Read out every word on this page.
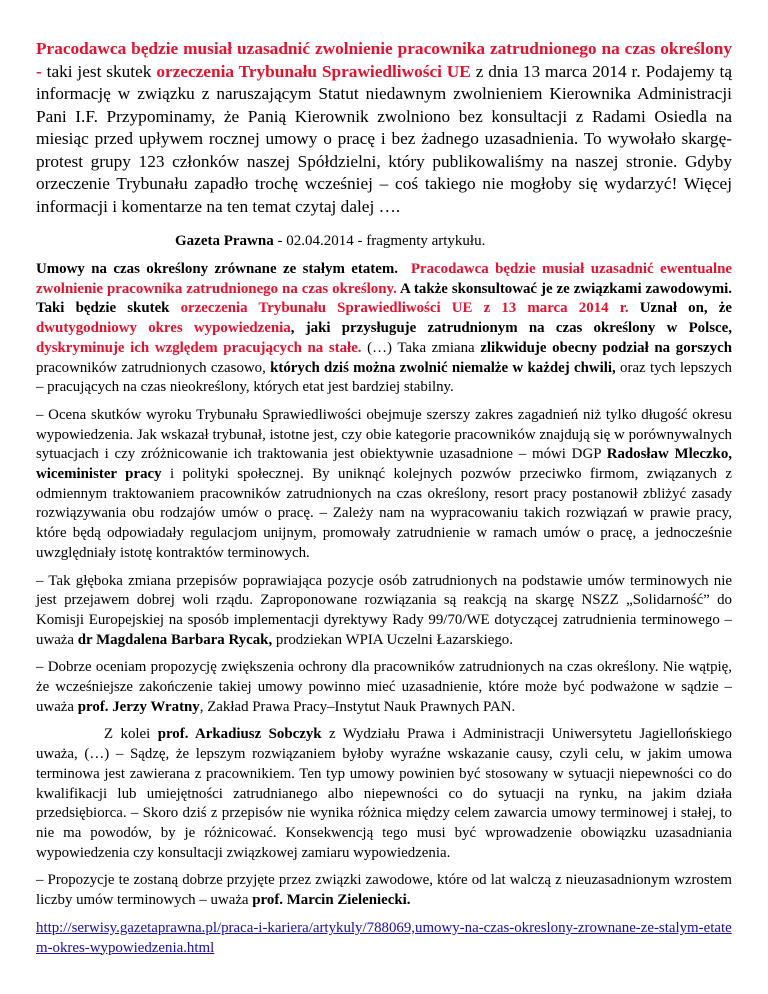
Pracodawca będzie musiał uzasadnić zwolnienie pracownika zatrudnionego na czas określony - taki jest skutek orzeczenia Trybunału Sprawiedliwości UE z dnia 13 marca 2014 r. Podajemy tą informację w związku z naruszającym Statut niedawnym zwolnieniem Kierownika Administracji Pani I.F. Przypominamy, że Panią Kierownik zwolniono bez konsultacji z Radami Osiedla na miesiąc przed upływem rocznej umowy o pracę i bez żadnego uzasadnienia. To wywołało skargę-protest grupy 123 członków naszej Spółdzielni, który publikowaliśmy na naszej stronie. Gdyby orzeczenie Trybunału zapadło trochę wcześniej – coś takiego nie mogłoby się wydarzyć! Więcej informacji i komentarze na ten temat czytaj dalej ….

Gazeta Prawna - 02.04.2014 - fragmenty artykułu.

Umowy na czas określony zrównane ze stałym etatem. Pracodawca będzie musiał uzasadnić ewentualne zwolnienie pracownika zatrudnionego na czas określony. A także skonsultować je ze związkami zawodowymi. Taki będzie skutek orzeczenia Trybunału Sprawiedliwości UE z 13 marca 2014 r. Uznał on, że dwutygodniowy okres wypowiedzenia, jaki przysługuje zatrudnionym na czas określony w Polsce, dyskryminuje ich względem pracujących na stałe. (…) Taka zmiana zlikwiduje obecny podział na gorszych pracowników zatrudnionych czasowo, których dziś można zwolnić niemalże w każdej chwili, oraz tych lepszych – pracujących na czas nieokreślony, których etat jest bardziej stabilny.

– Ocena skutków wyroku Trybunału Sprawiedliwości obejmuje szerszy zakres zagadnień niż tylko długość okresu wypowiedzenia. Jak wskazał trybunał, istotne jest, czy obie kategorie pracowników znajdują się w porównywalnych sytuacjach i czy zróżnicowanie ich traktowania jest obiektywnie uzasadnione – mówi DGP Radosław Mleczko, wiceminister pracy i polityki społecznej. By uniknąć kolejnych pozwów przeciwko firmom, związanych z odmiennym traktowaniem pracowników zatrudnionych na czas określony, resort pracy postanowił zbliżyć zasady rozwiązywania obu rodzajów umów o pracę. – Zależy nam na wypracowaniu takich rozwiązań w prawie pracy, które będą odpowiadały regulacjom unijnym, promowały zatrudnienie w ramach umów o pracę, a jednocześnie uwzględniały istotę kontraktów terminowych.

– Tak głęboka zmiana przepisów poprawiająca pozycje osób zatrudnionych na podstawie umów terminowych nie jest przejawem dobrej woli rządu. Zaproponowane rozwiązania są reakcją na skargę NSZZ „Solidarność” do Komisji Europejskiej na sposób implementacji dyrektywy Rady 99/70/WE dotyczącej zatrudnienia terminowego – uważa dr Magdalena Barbara Rycak, prodziekan WPIA Uczelni Łazarskiego.

– Dobrze oceniam propozycję zwiększenia ochrony dla pracowników zatrudnionych na czas określony. Nie wątpię, że wcześniejsze zakończenie takiej umowy powinno mieć uzasadnienie, które może być podważone w sądzie –uważa prof. Jerzy Wratny, Zakład Prawa Pracy–Instytut Nauk Prawnych PAN.

Z kolei prof. Arkadiusz Sobczyk z Wydziału Prawa i Administracji Uniwersytetu Jagiellońskiego uważa, (…) – Sądzę, że lepszym rozwiązaniem byłoby wyraźne wskazanie causy, czyli celu, w jakim umowa terminowa jest zawierana z pracownikiem. Ten typ umowy powinien być stosowany w sytuacji niepewności co do kwalifikacji lub umiejętności zatrudnianego albo niepewności co do sytuacji na rynku, na jakim działa przedsiębiorca. – Skoro dziś z przepisów nie wynika różnica między celem zawarcia umowy terminowej i stałej, to nie ma powodów, by je różnicować. Konsekwencją tego musi być wprowadzenie obowiązku uzasadniania wypowiedzenia czy konsultacji związkowej zamiaru wypowiedzenia.

– Propozycje te zostaną dobrze przyjęte przez związki zawodowe, które od lat walczą z nieuzasadnionym wzrostem liczby umów terminowych – uważa prof. Marcin Zieleniecki.

http://serwisy.gazetaprawna.pl/praca-i-kariera/artykuly/788069,umowy-na-czas-okreslony-zrownane-ze-stalym-etatem-okres-wypowiedzenia.html
